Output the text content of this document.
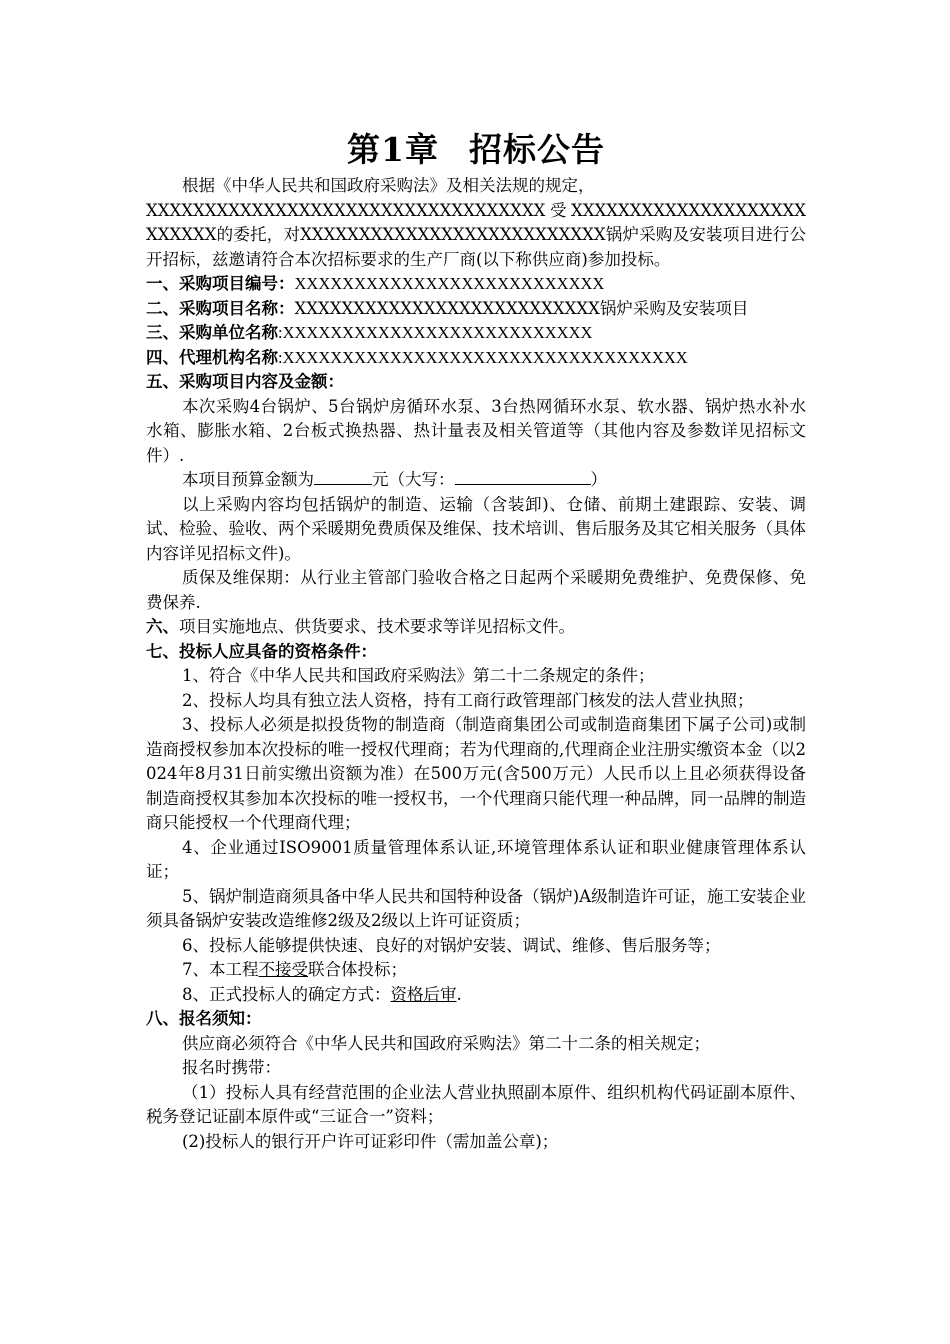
第1章 招标公告

根据《中华人民共和国政府采购法》及相关法规的规定，

XXXXXXXXXXXXXXXXXXXXXXXXXXXXXXXXXX受XXXXXXXXXXXXXXXXXXXXXXXXXX的委托，对XXXXXXXXXXXXXXXXXXXXXXXXXX锅炉采购及安装项目进行公开招标，兹邀请符合本次招标要求的生产厂商(以下称供应商)参加投标。

一、采购项目编号：XXXXXXXXXXXXXXXXXXXXXXXXXX

二、采购项目名称：XXXXXXXXXXXXXXXXXXXXXXXXXX锅炉采购及安装项目

三、采购单位名称:XXXXXXXXXXXXXXXXXXXXXXXXXX

四、代理机构名称:XXXXXXXXXXXXXXXXXXXXXXXXXXXXXXXXXX

五、采购项目内容及金额：

本次采购4台锅炉、5台锅炉房循环水泵、3台热网循环水泵、软水器、锅炉热水补水水箱、膨胀水箱、2台板式换热器、热计量表及相关管道等（其他内容及参数详见招标文件）.

本项目预算金额为	元（大写：	）

以上采购内容均包括锅炉的制造、运输（含装卸)、仓储、前期土建跟踪、安装、调试、检验、验收、两个采暖期免费质保及维保、技术培训、售后服务及其它相关服务（具体内容详见招标文件)。

质保及维保期：从行业主管部门验收合格之日起两个采暖期免费维护、免费保修、免费保养.

六、项目实施地点、供货要求、技术要求等详见招标文件。

七、投标人应具备的资格条件：

1、符合《中华人民共和国政府采购法》第二十二条规定的条件；

2、投标人均具有独立法人资格，持有工商行政管理部门核发的法人营业执照；

3、投标人必须是拟投货物的制造商（制造商集团公司或制造商集团下属子公司)或制造商授权参加本次投标的唯一授权代理商；若为代理商的,代理商企业注册实缴资本金（以2024年8月31日前实缴出资额为准）在500万元(含500万元）人民币以上且必须获得设备制造商授权其参加本次投标的唯一授权书，一个代理商只能代理一种品牌，同一品牌的制造商只能授权一个代理商代理；

4、企业通过ISO9001质量管理体系认证,环境管理体系认证和职业健康管理体系认证；

5、锅炉制造商须具备中华人民共和国特种设备（锅炉)A级制造许可证，施工安装企业须具备锅炉安装改造维修2级及2级以上许可证资质；

6、投标人能够提供快速、良好的对锅炉安装、调试、维修、售后服务等；

7、本工程不接受联合体投标；

8、正式投标人的确定方式：资格后审.

八、报名须知：

供应商必须符合《中华人民共和国政府采购法》第二十二条的相关规定；

报名时携带：

（1）投标人具有经营范围的企业法人营业执照副本原件、组织机构代码证副本原件、税务登记证副本原件或“三证合一”资料；

(2)投标人的银行开户许可证彩印件（需加盖公章)；
